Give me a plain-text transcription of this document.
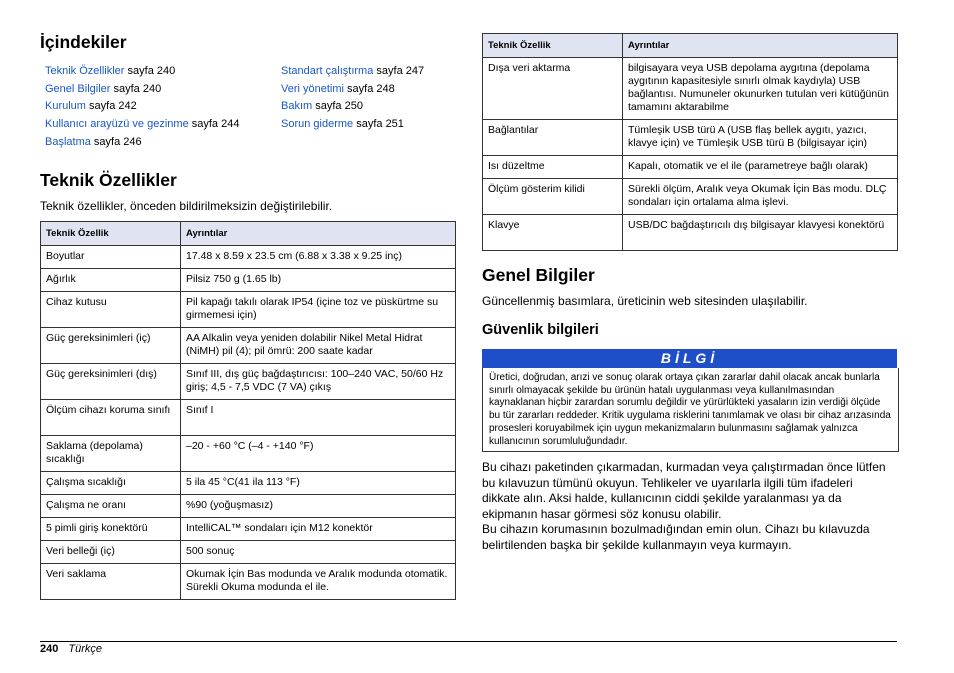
İçindekiler
Teknik Özellikler sayfa 240
Genel Bilgiler sayfa 240
Kurulum sayfa 242
Kullanıcı arayüzü ve gezinme sayfa 244
Başlatma sayfa 246
Standart çalıştırma sayfa 247
Veri yönetimi sayfa 248
Bakım sayfa 250
Sorun giderme sayfa 251
Teknik Özellikler

Teknik özellikler, önceden bildirilmeksizin değiştirilebilir.

Teknik Özellik	Ayrıntılar
Boyutlar	17.48 x 8.59 x 23.5 cm (6.88 x 3.38 x 9.25 inç)
Ağırlık	Pilsiz 750 g (1.65 lb)
Cihaz kutusu	Pil kapağı takılı olarak IP54 (içine toz ve püskürtme su girmemesi için)
Güç gereksinimleri (iç)	AA Alkalin veya yeniden dolabilir Nikel Metal Hidrat (NiMH) pil (4); pil ömrü: 200 saate kadar
Güç gereksinimleri (dış)	Sınıf III, dış güç bağdaştırıcısı: 100–240 VAC, 50/60 Hz giriş; 4,5 - 7,5 VDC (7 VA) çıkış
Ölçüm cihazı koruma sınıfı	Sınıf I
Saklama (depolama) sıcaklığı	–20 - +60 °C (–4 - +140 °F)
Çalışma sıcaklığı	5 ila 45 °C(41 ila 113 °F)
Çalışma ne oranı	%90 (yoğuşmasız)
5 pimli giriş konektörü	IntelliCAL™ sondaları için M12 konektör
Veri belleği (iç)	500 sonuç
Veri saklama	Okumak İçin Bas modunda ve Aralık modunda otomatik. Sürekli Okuma modunda el ile.
Teknik Özellik	Ayrıntılar
Dışa veri aktarma	bilgisayara veya USB depolama aygıtına (depolama aygıtının kapasitesiyle sınırlı olmak kaydıyla) USB bağlantısı. Numuneler okunurken tutulan veri kütüğünün tamamını aktarabilme
Bağlantılar	Tümleşik USB türü A (USB flaş bellek aygıtı, yazıcı, klavye için) ve Tümleşik USB türü B (bilgisayar için)
Isı düzeltme	Kapalı, otomatik ve el ile (parametreye bağlı olarak)
Ölçüm gösterim kilidi	Sürekli ölçüm, Aralık veya Okumak İçin Bas modu. DLÇ sondaları için ortalama alma işlevi.
Klavye	USB/DC bağdaştırıcılı dış bilgisayar klavyesi konektörü
Genel Bilgiler

Güncellenmiş basımlara, üreticinin web sitesinden ulaşılabilir.

Güvenlik bilgileri
BİLGİ
Üretici, doğrudan, arızi ve sonuç olarak ortaya çıkan zararlar dahil olacak ancak bunlarla sınırlı olmayacak şekilde bu ürünün hatalı uygulanması veya kullanılmasından kaynaklanan hiçbir zarardan sorumlu değildir ve yürürlükteki yasaların izin verdiği ölçüde bu tür zararları reddeder. Kritik uygulama risklerini tanımlamak ve olası bir cihaz arızasında prosesleri koruyabilmek için uygun mekanizmaların bulunmasını sağlamak yalnızca kullanıcının sorumluluğundadır.

Bu cihazı paketinden çıkarmadan, kurmadan veya çalıştırmadan önce lütfen bu kılavuzun tümünü okuyun. Tehlikeler ve uyarılarla ilgili tüm ifadeleri dikkate alın. Aksi halde, kullanıcının ciddi şekilde yaralanması ya da ekipmanın hasar görmesi söz konusu olabilir.

Bu cihazın korumasının bozulmadığından emin olun. Cihazı bu kılavuzda belirtilenden başka bir şekilde kullanmayın veya kurmayın.

240 Türkçe
